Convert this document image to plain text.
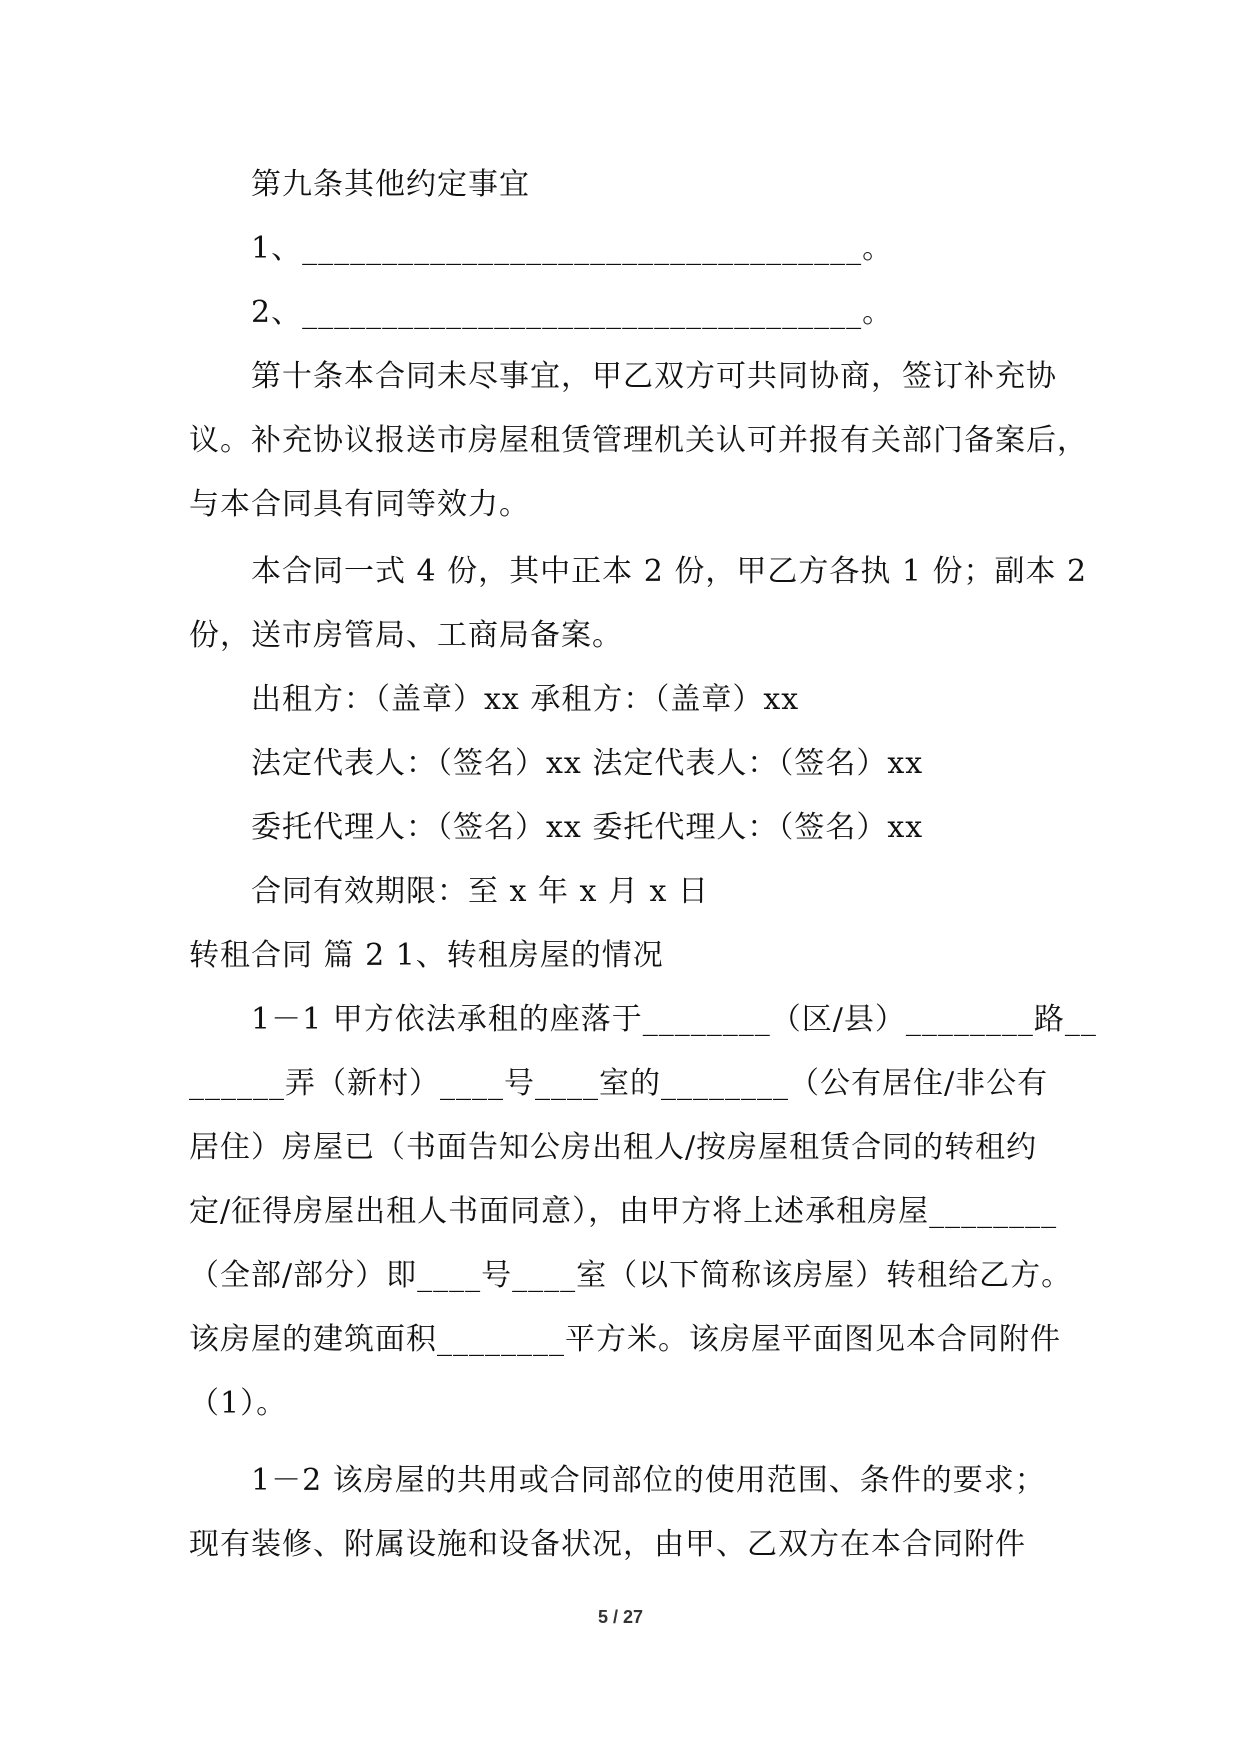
第九条其他约定事宜
1、___________________________________。
2、___________________________________。
第十条本合同未尽事宜，甲乙双方可共同协商，签订补充协
议。补充协议报送市房屋租赁管理机关认可并报有关部门备案后，
与本合同具有同等效力。
本合同一式 4 份，其中正本 2 份，甲乙方各执 1 份；副本 2
份，送市房管局、工商局备案。
出租方：（盖章）xx 承租方：（盖章）xx
法定代表人：（签名）xx 法定代表人：（签名）xx
委托代理人：（签名）xx 委托代理人：（签名）xx
合同有效期限：至 x 年 x 月 x 日
转租合同 篇 2 1、转租房屋的情况
1－1 甲方依法承租的座落于________（区/县）________路__
______弄（新村）____号____室的________（公有居住/非公有
居住）房屋已（书面告知公房出租人/按房屋租赁合同的转租约
定/征得房屋出租人书面同意），由甲方将上述承租房屋________
（全部/部分）即____号____室（以下简称该房屋）转租给乙方。
该房屋的建筑面积________平方米。该房屋平面图见本合同附件
（1）。
1－2 该房屋的共用或合同部位的使用范围、条件的要求；
现有装修、附属设施和设备状况，由甲、乙双方在本合同附件
5 / 27
